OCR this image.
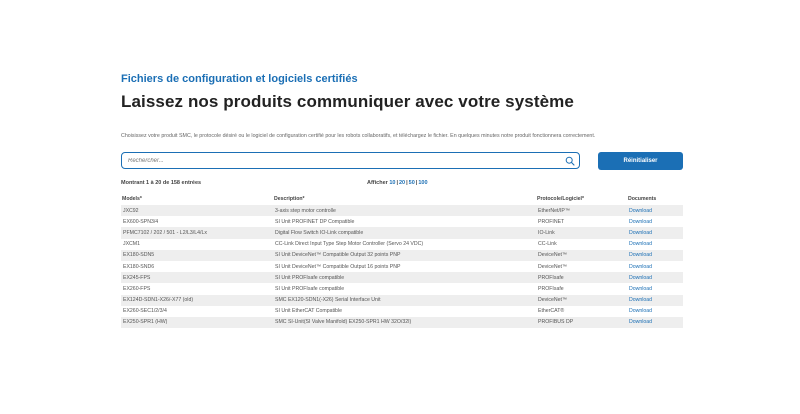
Fichiers de configuration et logiciels certifiés
Laissez nos produits communiquer avec votre système
Choisissez votre produit SMC, le protocole désiré ou le logiciel de configuration certifié pour les robots collaboratifs, et téléchargez le fichier. En quelques minutes notre produit fonctionnera correctement.
Rechercher...
Réinitialiser
Montrant 1 à 20 de 158 entrées	Afficher 10|20|50|100
Models*	Description*	Protocole/Logiciel*	Documents
JXC92	3-axis step motor controlle	EtherNet/IP™	Download
EX600-SPN3/4	SI Unit PROFINET DP Compatible	PROFINET	Download
PFMC7102 / 202 / 501 - L2/L3/L4/Lx	Digital Flow Switch IO-Link compatible	IO-Link	Download
JXCM1	CC-Link Direct Input Type Step Motor Controller (Servo 24 VDC)	CC-Link	Download
EX180-SDN5	SI Unit DeviceNet™ Compatible Output 32 points PNP	DeviceNet™	Download
EX180-SND6	SI Unit DeviceNet™ Compatible Output 16 points PNP	DeviceNet™	Download
EX245-FPS	SI Unit PROFIsafe compatible	PROFIsafe	Download
EX260-FPS	SI Unit PROFIsafe compatible	PROFIsafe	Download
EX124D-SDN1-X26/-X77 (old)	SMC EX120-SDN1(-X26) Serial Interface Unit	DeviceNet™	Download
EX260-SEC1/2/3/4	SI Unit EtherCAT Compatible	EtherCAT®	Download
EX250-SPR1 (HW)	SMC SI-Unit(SI Valve Manifold) EX250-SPR1 HW 32O/32I)	PROFIBUS DP	Download
